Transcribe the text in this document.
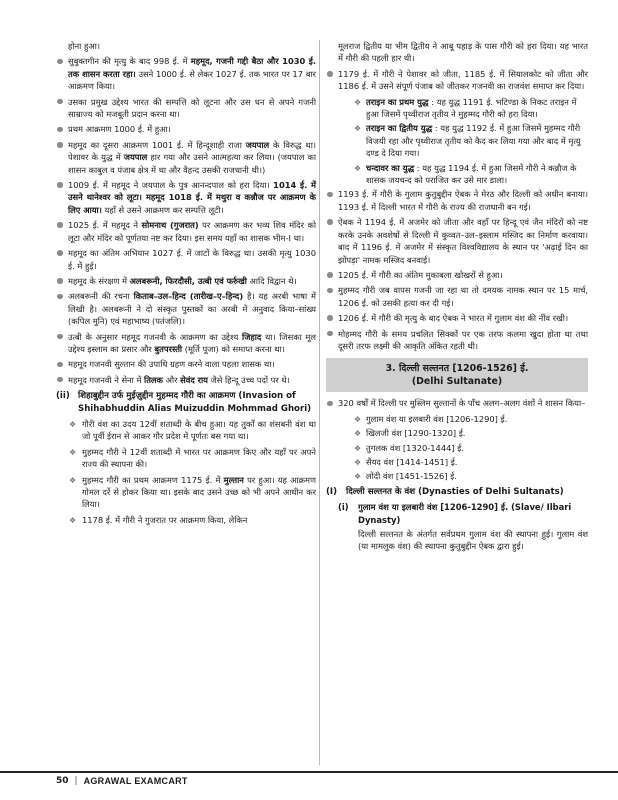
होना हुआ।
सुबुक्तगीन की मृत्यु के बाद 998 ई. में महमूद, गजनी गद्दी बैठा और 1030 ई. तक शासन करता रहा। उसने 1000 ई. से लेकर 1027 ई. तक भारत पर 17 बार आक्रमण किया।
उसका प्रमुख उद्देश्य भारत की सम्पत्ति को लूटना और उस धन से अपने गजनी साम्राज्य को मजबूती प्रदान करना था।
प्रथम आक्रमण 1000 ई. में हुआ।
महमूद का दूसरा आक्रमण 1001 ई. में हिन्दूशाही राजा जयपाल के विरुद्ध था। पेशावर के युद्ध में जयपाल हार गया और उसने आत्महत्या कर लिया। (जयपाल का शासन काबुल व पंजाब क्षेत्र में था और वैहन्द उसकी राजधानी थी।)
1009 ई. में महमूद ने जयपाल के पुत्र आनन्दपाल को हरा दिया। 1014 ई. में उसने थानेश्वर को लूटा। महमूद 1018 ई. में मथुरा व कन्नौज पर आक्रमण के लिए आया। यहाँ से उसने आक्रमण कर सम्पत्ति लूटी।
1025 ई. में महमूद ने सोमनाथ (गुजरात) पर आक्रमण कर भव्य शिव मंदिर को लूटा और मंदिर को पूर्णतया नष्ट कर दिया। इस समय यहाँ का शासक भीम-I था।
महमूद का अंतिम अभियान 1027 ई. में जाटों के विरुद्ध था। उसकी मृत्यु 1030 ई. में हुई।
महमूद के संरक्षण में अलबरूनी, फिरदौसी, उत्बी एवं फर्रुखी आदि विद्वान थे।
अलबरूनी की रचना किताब–उल–हिन्द (तारीख–ए–हिन्द) है। यह अरबी भाषा में लिखी है। अलबरूनी ने दो संस्कृत पुस्तकों का अरबी में अनुवाद किया–सांख्य (कपिल मुनि) एवं महाभाष्य (पतंजलि)।
उत्बी के अनुसार महमूद गजनवी के आक्रमण का उद्देश्य जिहाद था। जिसका मूल उद्देश्य इस्लाम का प्रसार और बुतपरस्ती (मूर्ति पूजा) को समाप्त करना था।
महमूद गजनवी सुल्तान की उपाधि ग्रहण करने वाला पहला शासक था।
महमूद गजनवी ने सेना में तिलक और सेवंद राय जैसे हिन्दू उच्च पदों पर थे।
(ii) शिहाबुद्दीन उर्फ मुईज़ुद्दीन मुहम्मद गौरी का आक्रमण (Invasion of Shihabhuddin Alias Muizuddin Mohmmad Ghori)
❖ गौरी वंश का उदय 12वीं शताब्दी के बीच हुआ। यह तुर्कों का शंसबनी वंश था जो पूर्वी ईरान से आकर गौर प्रदेश में पूर्णतः बस गया था।
❖ मुहम्मद गौरी ने 12वीं शताब्दी में भारत पर आक्रमण किए और यहाँ पर अपने राज्य की स्थापना की।
❖ मुहम्मद गौरी का प्रथम आक्रमण 1175 ई. में मुल्तान पर हुआ। यह आक्रमण गोमल दर्रे से होकर किया था। इसके बाद उसने उच्छ को भी अपने आधीन कर लिया।
❖ 1178 ई. में गौरी ने गुजरात पर आक्रमण किया, लेकिन
मूलराज द्वितीय या भीम द्वितीय ने आबू पहाड़ के पास गौरी को हरा दिया। यह भारत में गौरी की पहली हार थी।
1179 ई. में गौरी ने पेशावर को जीता, 1185 ई. में सियालकोट को जीता और 1186 ई. में उसने संपूर्ण पंजाब को जीतकर गजनवी का राजवंश समाप्त कर दिया।
❖ तराइन का प्रथम युद्ध : यह युद्ध 1191 ई. भटिण्डा के निकट तराइन में हुआ जिसमें पृथ्वीराज तृतीय ने मुहम्मद गौरी को हरा दिया।
❖ तराइन का द्वितीय युद्ध : यह युद्ध 1192 ई. में हुआ जिसमें मुहम्मद गौरी विजयी रहा और पृथ्वीराज तृतीय को कैद कर लिया गया और बाद में मृत्यु दण्ड दे दिया गया।
❖ चन्दावर का युद्ध : यह युद्ध 1194 ई. में हुआ जिसमें गौरी ने कन्नौज के शासक जयचन्द को पराजित कर उसे मार डाला।
1193 ई. में गौरी के गुलाम कुतुबुद्दीन ऐबक ने मेरठ और दिल्ली को अधीन बनाया। 1193 ई. में दिल्ली भारत में गौरी के राज्य की राजधानी बन गई।
ऐबक ने 1194 ई. में अजमेर को जीता और वहाँ पर हिन्दू एवं जैन मंदिरों को नष्ट करके उनके अवशेषों से दिल्ली में कुव्वत–उल–इस्लाम मस्जिद का निर्माण करवाया। बाद में 1196 ई. में अजमेर में संस्कृत विश्वविद्यालय के स्थान पर 'अढ़ाई दिन का झोंपड़ा' नामक मस्जिद बनवाई।
1205 ई. में गौरी का अंतिम मुकाबला खोखरों से हुआ।
मुहम्मद गौरी जब वापस गजनी जा रहा था तो दमयक नामक स्थान पर 15 मार्च, 1206 ई. को उसकी हत्या कर दी गई।
1206 ई. में गौरी की मृत्यु के बाद ऐबक ने भारत में गुलाम वंश की नींव रखी।
मोहम्मद गौरी के समय प्रचलित सिक्कों पर एक तरफ कलमा खुदा होता था तथा दूसरी तरफ लक्ष्मी की आकृति अंकित रहती थी।
3. दिल्ली सल्तनत [1206-1526] ई.
(Delhi Sultanate)
320 वर्षों में दिल्ली पर मुस्लिम सुल्तानों के पाँच अलग–अलग वंशों ने शासन किया–
❖ गुलाम वंश या इलबारी वंश [1206-1290] ई.
❖ खिलजी वंश [1290-1320] ई.
❖ तुगलक वंश [1320-1444] ई.
❖ सैयद वंश [1414-1451] ई.
❖ लोदी वंश [1451-1526] ई.
(I) दिल्ली सल्तनत के वंश (Dynasties of Delhi Sultanats)
(i) गुलाम वंश या इलबारी वंश [1206-1290] ई. (Slave/ Ilbari Dynasty)
दिल्ली सल्तनत के अंतर्गत सर्वप्रथम गुलाम वंश की स्थापना हुई। गुलाम वंश (या मामलुक वंश) की स्थापना कुतुबुद्दीन ऐबक द्वारा हुई।
50 | AGRAWAL EXAMCART
